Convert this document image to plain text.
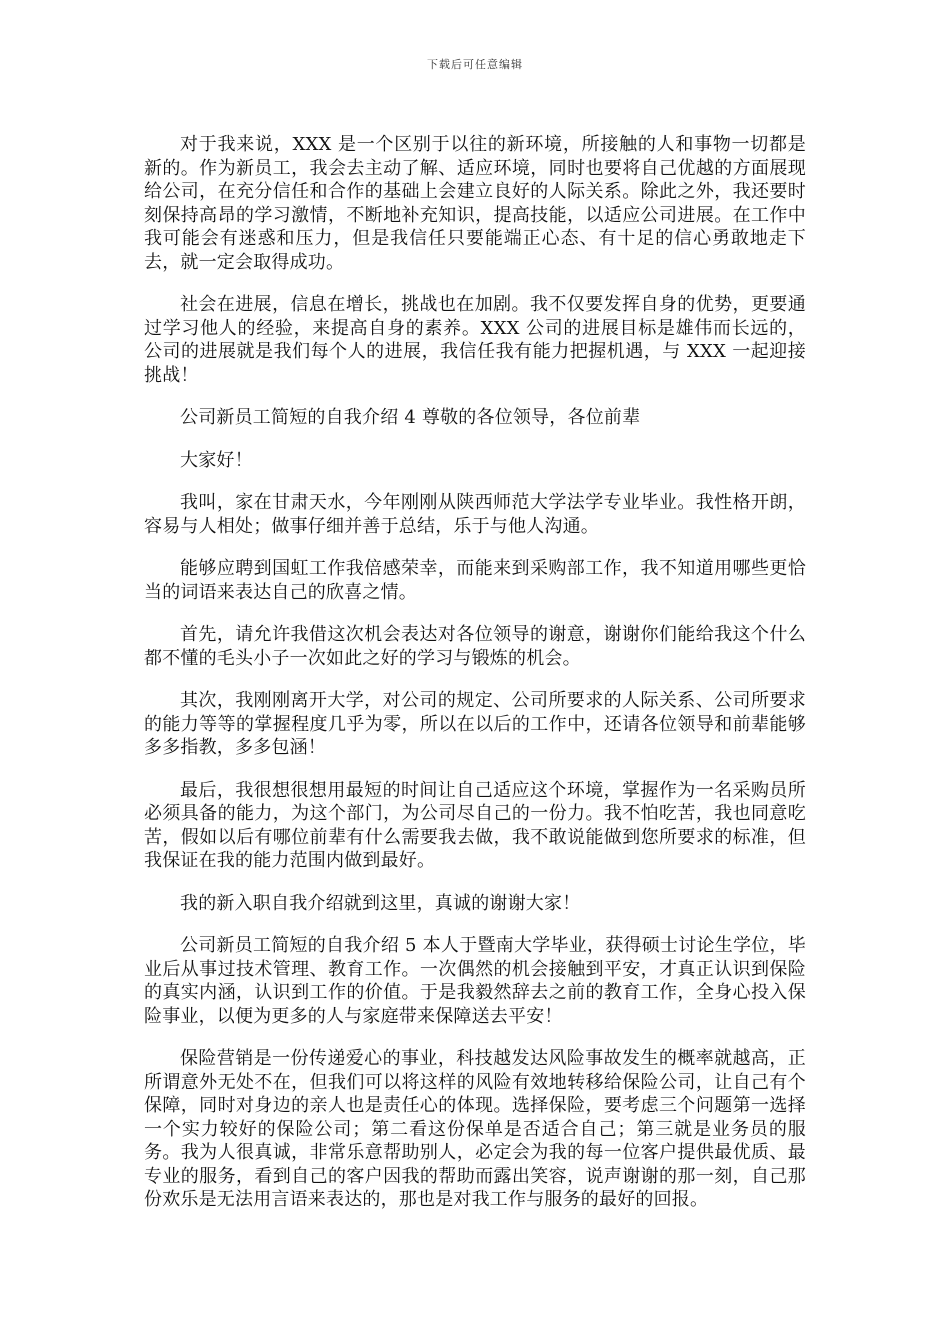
下载后可任意编辑

对于我来说，XXX 是一个区别于以往的新环境，所接触的人和事物一切都是新的。作为新员工，我会去主动了解、适应环境，同时也要将自己优越的方面展现给公司，在充分信任和合作的基础上会建立良好的人际关系。除此之外，我还要时刻保持高昂的学习激情，不断地补充知识，提高技能，以适应公司进展。在工作中我可能会有迷惑和压力，但是我信任只要能端正心态、有十足的信心勇敢地走下去，就一定会取得成功。

社会在进展，信息在增长，挑战也在加剧。我不仅要发挥自身的优势，更要通过学习他人的经验，来提高自身的素养。XXX 公司的进展目标是雄伟而长远的，公司的进展就是我们每个人的进展，我信任我有能力把握机遇，与 XXX 一起迎接挑战！

公司新员工简短的自我介绍 4 尊敬的各位领导，各位前辈

大家好！

我叫，家在甘肃天水，今年刚刚从陕西师范大学法学专业毕业。我性格开朗，容易与人相处；做事仔细并善于总结，乐于与他人沟通。

能够应聘到国虹工作我倍感荣幸，而能来到采购部工作，我不知道用哪些更恰当的词语来表达自己的欣喜之情。

首先，请允许我借这次机会表达对各位领导的谢意，谢谢你们能给我这个什么都不懂的毛头小子一次如此之好的学习与锻炼的机会。

其次，我刚刚离开大学，对公司的规定、公司所要求的人际关系、公司所要求的能力等等的掌握程度几乎为零，所以在以后的工作中，还请各位领导和前辈能够多多指教，多多包涵！

最后，我很想很想用最短的时间让自己适应这个环境，掌握作为一名采购员所必须具备的能力，为这个部门，为公司尽自己的一份力。我不怕吃苦，我也同意吃苦，假如以后有哪位前辈有什么需要我去做，我不敢说能做到您所要求的标准，但我保证在我的能力范围内做到最好。

我的新入职自我介绍就到这里，真诚的谢谢大家！

公司新员工简短的自我介绍 5 本人于暨南大学毕业，获得硕士讨论生学位，毕业后从事过技术管理、教育工作。一次偶然的机会接触到平安，才真正认识到保险的真实内涵，认识到工作的价值。于是我毅然辞去之前的教育工作，全身心投入保险事业，以便为更多的人与家庭带来保障送去平安！

保险营销是一份传递爱心的事业，科技越发达风险事故发生的概率就越高，正所谓意外无处不在，但我们可以将这样的风险有效地转移给保险公司，让自己有个保障，同时对身边的亲人也是责任心的体现。选择保险，要考虑三个问题第一选择一个实力较好的保险公司；第二看这份保单是否适合自己；第三就是业务员的服务。我为人很真诚，非常乐意帮助别人，必定会为我的每一位客户提供最优质、最专业的服务，看到自己的客户因我的帮助而露出笑容，说声谢谢的那一刻，自己那份欢乐是无法用言语来表达的，那也是对我工作与服务的最好的回报。
